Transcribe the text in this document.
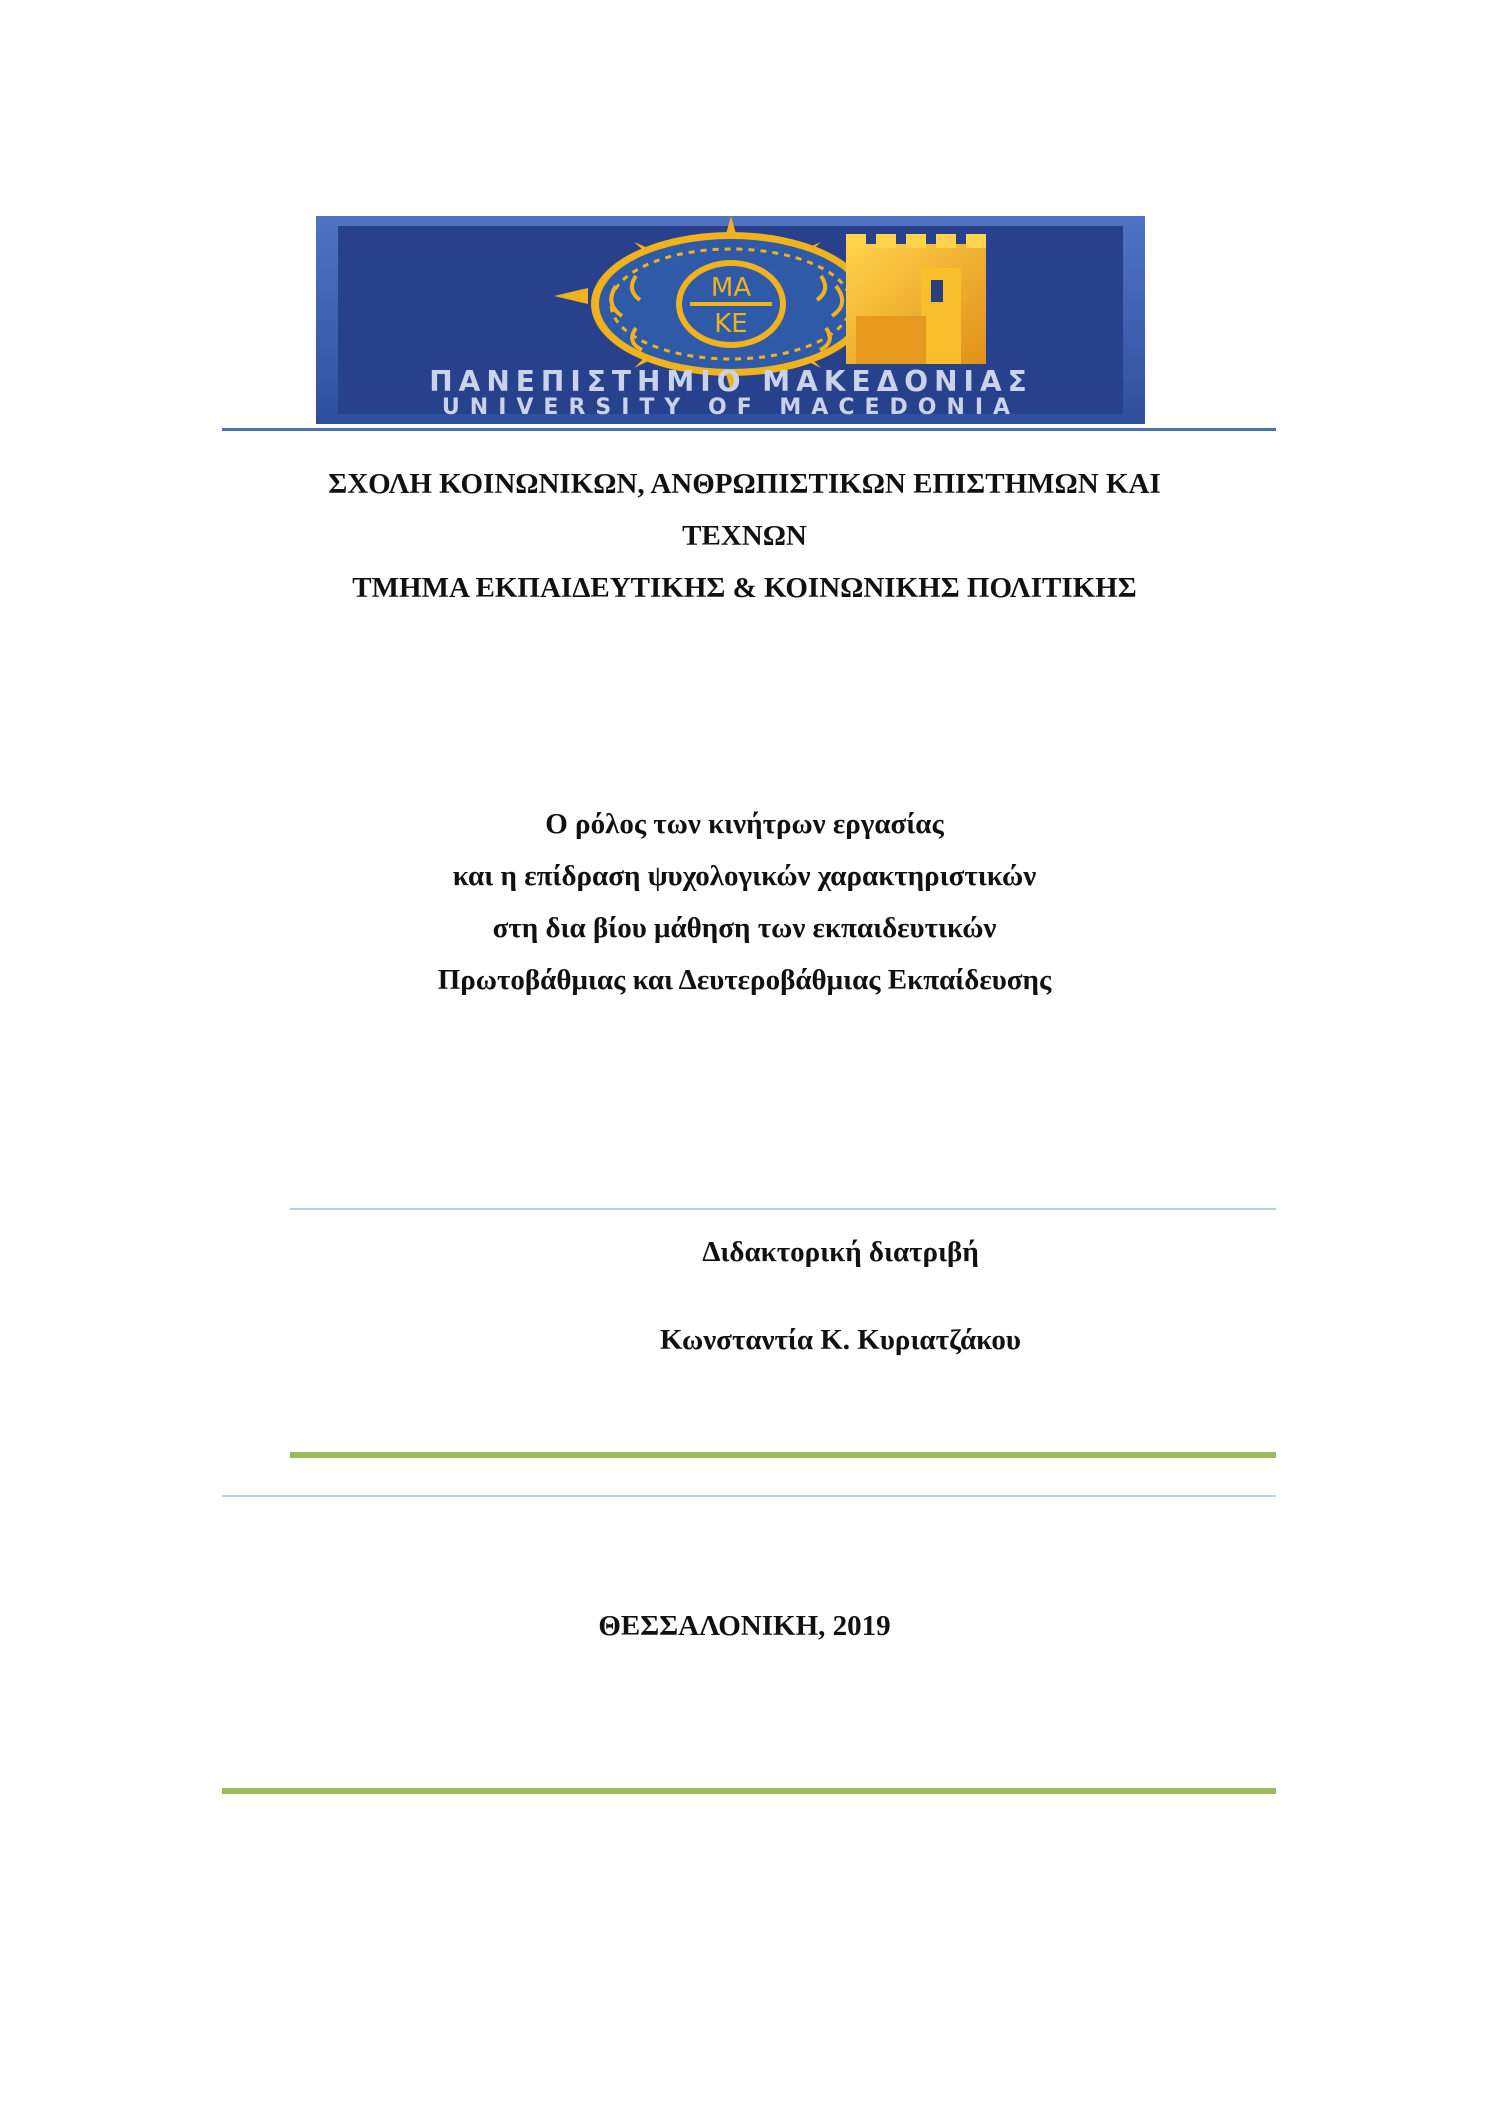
ΜΑ
ΚΕ
ΠΑΝΕΠΙΣΤΗΜΙΟ ΜΑΚΕΔΟΝΙΑΣ
UNIVERSITY OF MACEDONIA
ΣΧΟΛΗ ΚΟΙΝΩΝΙΚΩΝ, ΑΝΘΡΩΠΙΣΤΙΚΩΝ ΕΠΙΣΤΗΜΩΝ ΚΑΙ
ΤΕΧΝΩΝ
ΤΜΗΜΑ ΕΚΠΑΙΔΕΥΤΙΚΗΣ & ΚΟΙΝΩΝΙΚΗΣ ΠΟΛΙΤΙΚΗΣ
Ο ρόλος των κινήτρων εργασίας
και η επίδραση ψυχολογικών χαρακτηριστικών
στη δια βίου μάθηση των εκπαιδευτικών
Πρωτοβάθμιας και Δευτεροβάθμιας Εκπαίδευσης
Διδακτορική διατριβή
Κωνσταντία Κ. Κυριατζάκου
ΘΕΣΣΑΛΟΝΙΚΗ, 2019
